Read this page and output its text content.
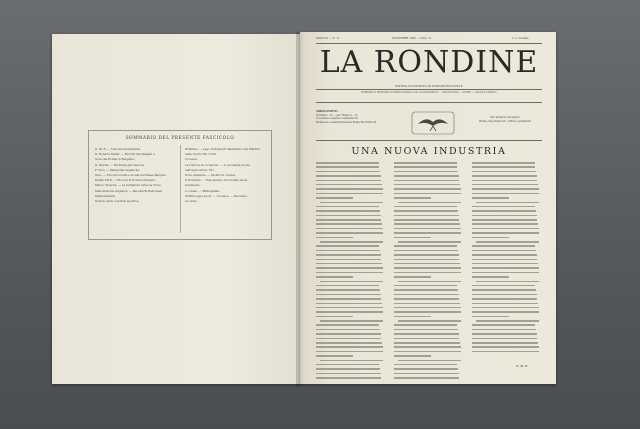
SOMMARIO DEL PRESENTE FASCICOLO
G. M. R. — Una nuova industria.
D. Roberto Patini. — Ricordi dei Malgari e
Note dal Ronda di Bergamo.
G. Morini. — Da Roma per Genova.
F. Vivo. — Pellegrina Angeliche.
Gino. — Piccoli uccelli e uccelli nel Paese Bergam.
Emilio Ferri. — Ricordi di Roberto Paolani.
Marco Taverna. — Le miniature verso la Torre.
Miss Pretoria Angelica. — Beccafichi Reticolati
Miglioramenti.
Notizie varie e notizie sportive.
Ornithes. — Lago d'Orgibotti Martinetti, Dei Martini
nelle nostre Mr. Conti.
Cronaca.
La rubrica in occasione. — A. prossima nuova
dell'Agricoltura, Etc.
Note Ampliere. — Mostri di ornitos.
P. Benchini. — Esposizione di Colombi ad al-
levamento.
Lo stelle. — Bibliografia.
Ornithologia sport. — Cronaca. — Recensio-
ne varie.
ANNO IV — N. 11	NOVEMBRE 1922 — Num. 11	C. C. Postale
LA RONDINE
RIVISTA ILLUSTRATA DI SCIENZE RACCOLTE
PERIODICO MENSILE DI ORNITOLOGIA CON ALLEVAMENTI — AVICOLTURA — SPORT — CACCIA E PESCA
ABBONAMENTI
In Italia L. 12 — per l'Estero L. 15
Un numero separato Centesimi 50
Redazione e Amministrazione Roma Via Orsini 25
Per annunzi rivolgersi
Roma, Via Orsini 25 - Ufficio pubblicità
UNA NUOVA INDUSTRIA
G. M. R.
